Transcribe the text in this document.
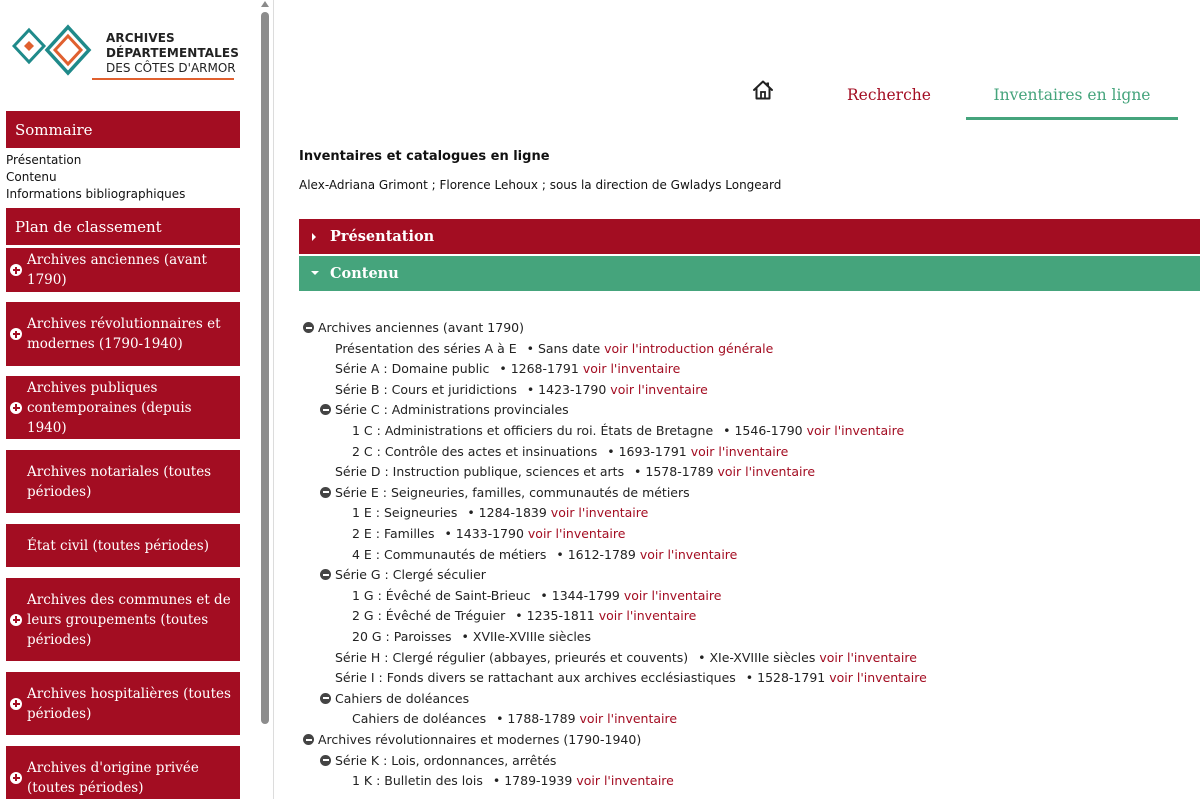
ARCHIVES
DÉPARTEMENTALES
DES CÔTES D'ARMOR
Sommaire
Présentation
Contenu
Informations bibliographiques
Plan de classement
Archives anciennes (avant 1790)
Archives révolutionnaires et modernes (1790-1940)
Archives publiques contemporaines (depuis 1940)
Archives notariales (toutes périodes)
État civil (toutes périodes)
Archives des communes et de leurs groupements (toutes périodes)
Archives hospitalières (toutes périodes)
Archives d'origine privée (toutes périodes)
Recherche	Inventaires en ligne
Inventaires et catalogues en ligne
Alex-Adriana Grimont ; Florence Lehoux ; sous la direction de Gwladys Longeard
Présentation
Contenu
Archives anciennes (avant 1790)
Présentation des séries A à E • Sans date voir l'introduction générale
Série A : Domaine public • 1268-1791 voir l'inventaire
Série B : Cours et juridictions • 1423-1790 voir l'inventaire
Série C : Administrations provinciales
1 C : Administrations et officiers du roi. États de Bretagne • 1546-1790 voir l'inventaire
2 C : Contrôle des actes et insinuations • 1693-1791 voir l'inventaire
Série D : Instruction publique, sciences et arts • 1578-1789 voir l'inventaire
Série E : Seigneuries, familles, communautés de métiers
1 E : Seigneuries • 1284-1839 voir l'inventaire
2 E : Familles • 1433-1790 voir l'inventaire
4 E : Communautés de métiers • 1612-1789 voir l'inventaire
Série G : Clergé séculier
1 G : Évêché de Saint-Brieuc • 1344-1799 voir l'inventaire
2 G : Évêché de Tréguier • 1235-1811 voir l'inventaire
20 G : Paroisses • XVIIe-XVIIIe siècles
Série H : Clergé régulier (abbayes, prieurés et couvents) • XIe-XVIIIe siècles voir l'inventaire
Série I : Fonds divers se rattachant aux archives ecclésiastiques • 1528-1791 voir l'inventaire
Cahiers de doléances
Cahiers de doléances • 1788-1789 voir l'inventaire
Archives révolutionnaires et modernes (1790-1940)
Série K : Lois, ordonnances, arrêtés
1 K : Bulletin des lois • 1789-1939 voir l'inventaire
